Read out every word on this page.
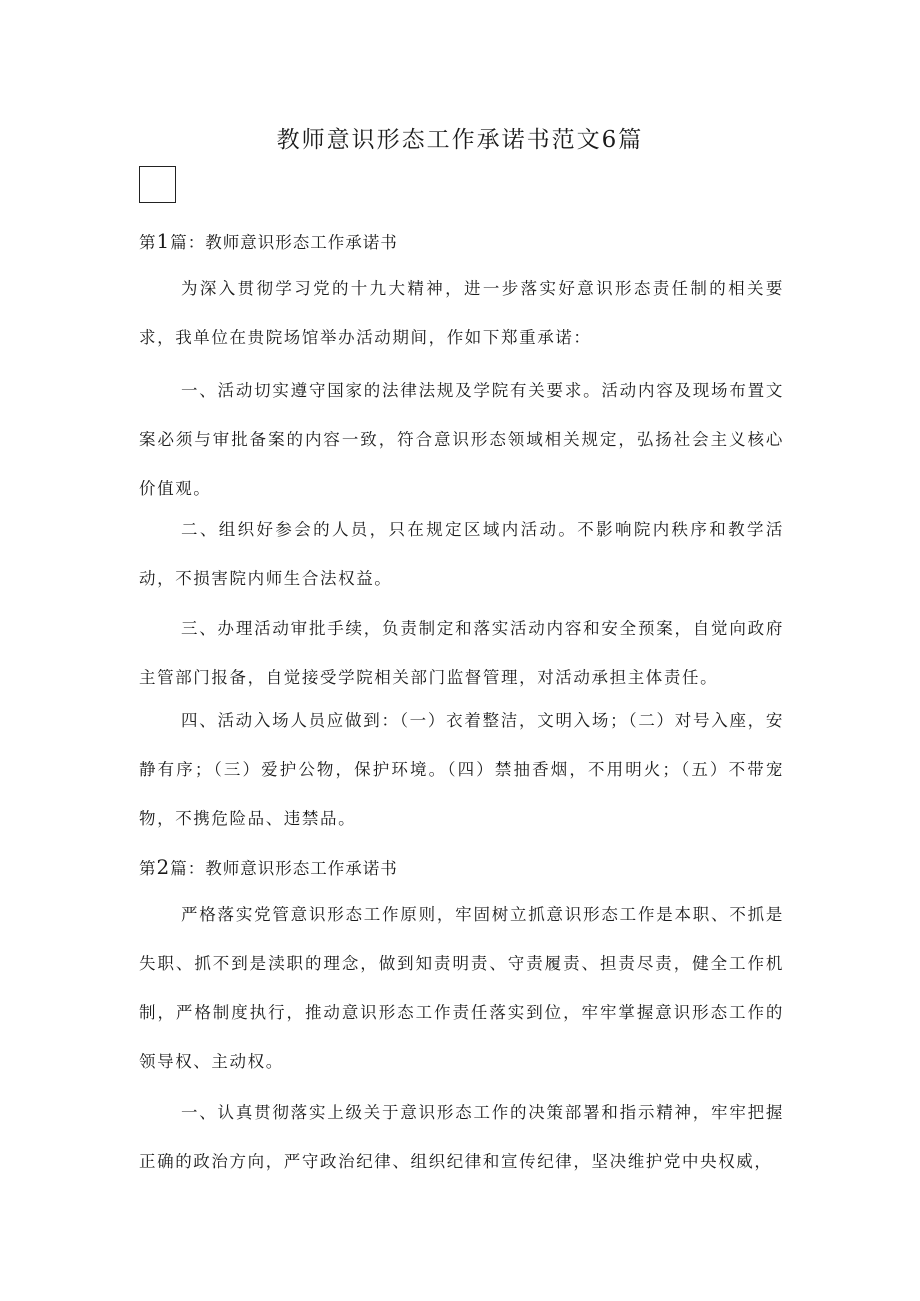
教师意识形态工作承诺书范文6篇
第1篇：教师意识形态工作承诺书

为深入贯彻学习党的十九大精神，进一步落实好意识形态责任制的相关要求，我单位在贵院场馆举办活动期间，作如下郑重承诺：

一、活动切实遵守国家的法律法规及学院有关要求。活动内容及现场布置文案必须与审批备案的内容一致，符合意识形态领域相关规定，弘扬社会主义核心价值观。

二、组织好参会的人员，只在规定区域内活动。不影响院内秩序和教学活动，不损害院内师生合法权益。

三、办理活动审批手续，负责制定和落实活动内容和安全预案，自觉向政府主管部门报备，自觉接受学院相关部门监督管理，对活动承担主体责任。

四、活动入场人员应做到：（一）衣着整洁，文明入场；（二）对号入座，安静有序；（三）爱护公物，保护环境。（四）禁抽香烟，不用明火；（五）不带宠物，不携危险品、违禁品。

第2篇：教师意识形态工作承诺书

严格落实党管意识形态工作原则，牢固树立抓意识形态工作是本职、不抓是失职、抓不到是渎职的理念，做到知责明责、守责履责、担责尽责，健全工作机制，严格制度执行，推动意识形态工作责任落实到位，牢牢掌握意识形态工作的领导权、主动权。

一、认真贯彻落实上级关于意识形态工作的决策部署和指示精神，牢牢把握正确的政治方向，严守政治纪律、组织纪律和宣传纪律，坚决维护党中央权威，
